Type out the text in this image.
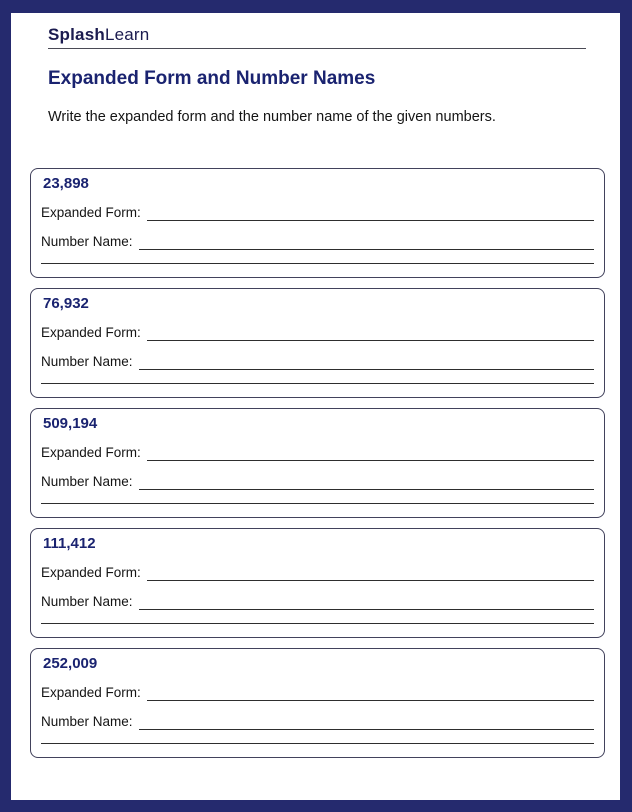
SplashLearn
Expanded Form and Number Names
Write the expanded form and the number name of the given numbers.
23,898
Expanded Form:
Number Name:
76,932
Expanded Form:
Number Name:
509,194
Expanded Form:
Number Name:
111,412
Expanded Form:
Number Name:
252,009
Expanded Form:
Number Name:
